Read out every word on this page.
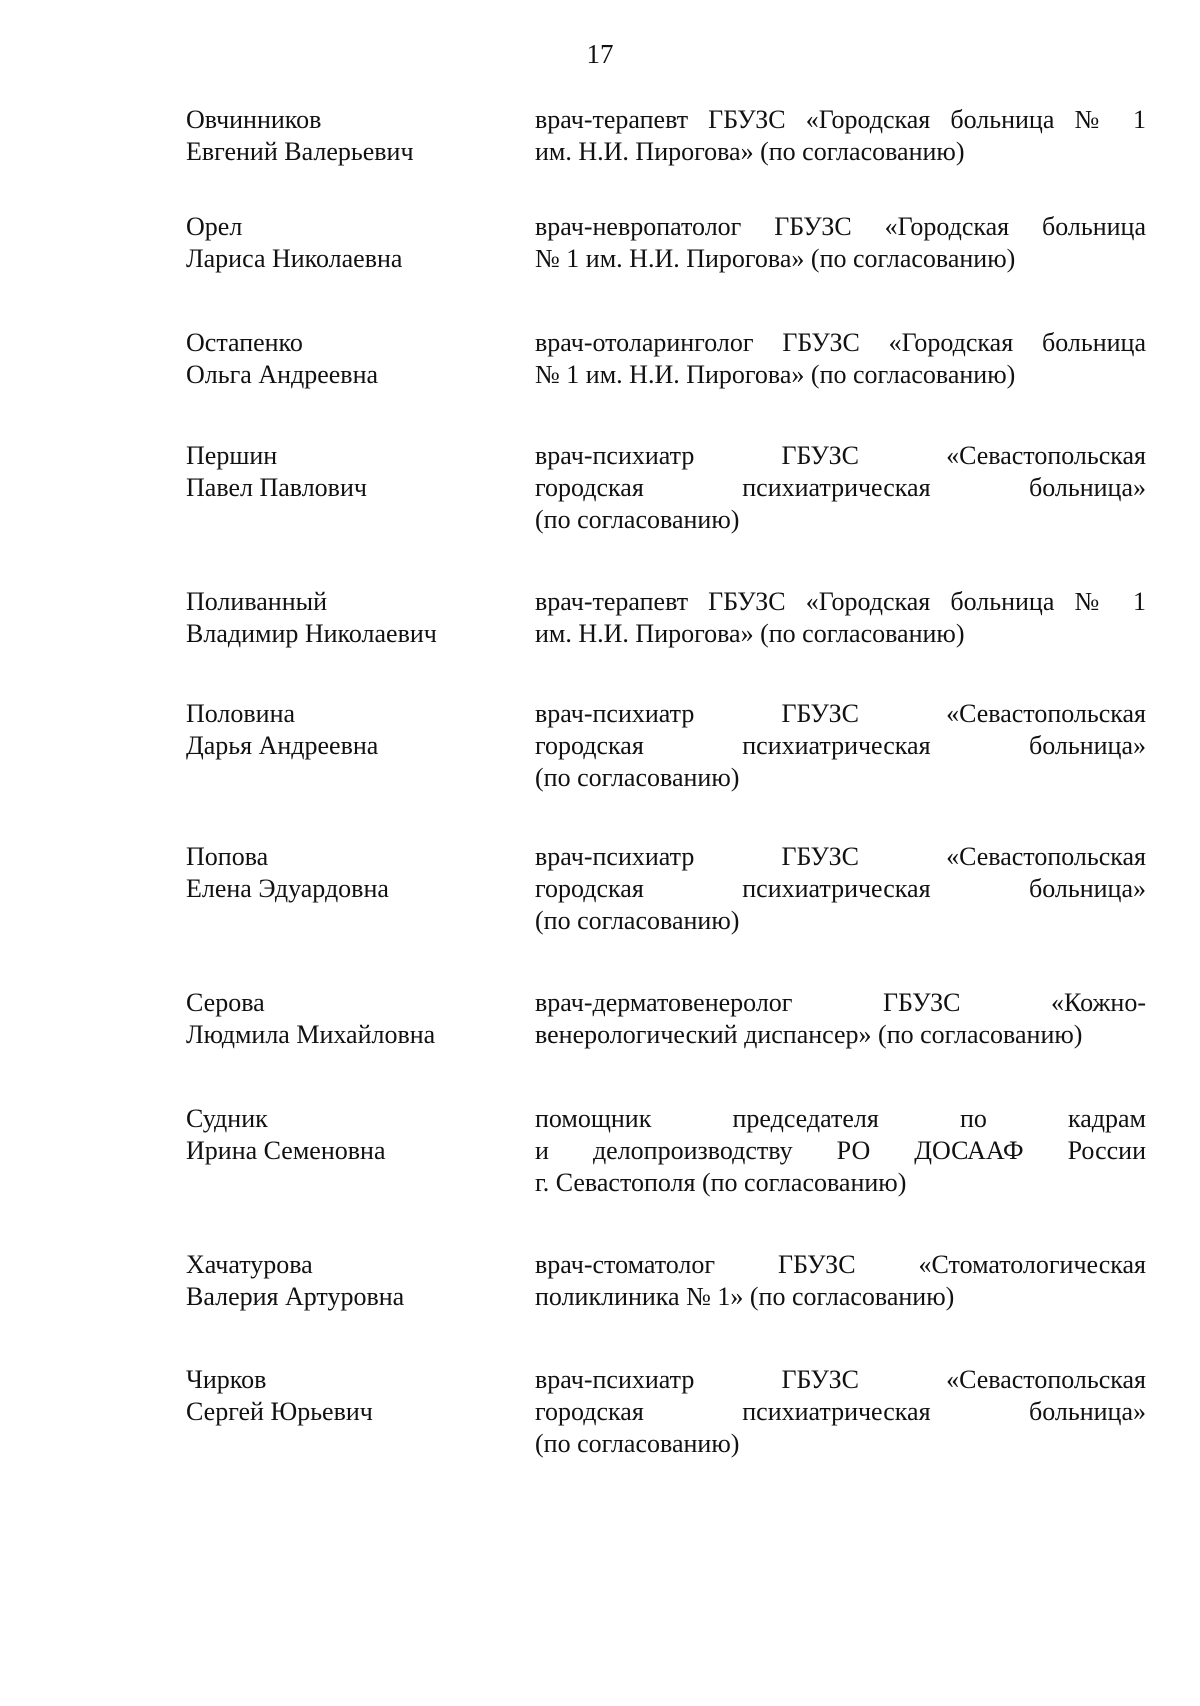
17
Овчинников
Евгений Валерьевич
врач-терапевт ГБУЗС «Городская больница № 1
им. Н.И. Пирогова» (по согласованию)
Орел
Лариса Николаевна
врач-невропатолог ГБУЗС «Городская больница
№ 1 им. Н.И. Пирогова» (по согласованию)
Остапенко
Ольга Андреевна
врач-отоларинголог ГБУЗС «Городская больница
№ 1 им. Н.И. Пирогова» (по согласованию)
Першин
Павел Павлович
врач-психиатр ГБУЗС «Севастопольская
городская психиатрическая больница»
(по согласованию)
Поливанный
Владимир Николаевич
врач-терапевт ГБУЗС «Городская больница № 1
им. Н.И. Пирогова» (по согласованию)
Половина
Дарья Андреевна
врач-психиатр ГБУЗС «Севастопольская
городская психиатрическая больница»
(по согласованию)
Попова
Елена Эдуардовна
врач-психиатр ГБУЗС «Севастопольская
городская психиатрическая больница»
(по согласованию)
Серова
Людмила Михайловна
врач-дерматовенеролог ГБУЗС «Кожно-
венерологический диспансер» (по согласованию)
Судник
Ирина Семеновна
помощник председателя по кадрам
и делопроизводству РО ДОСААФ России
г. Севастополя (по согласованию)
Хачатурова
Валерия Артуровна
врач-стоматолог ГБУЗС «Стоматологическая
поликлиника № 1» (по согласованию)
Чирков
Сергей Юрьевич
врач-психиатр ГБУЗС «Севастопольская
городская психиатрическая больница»
(по согласованию)
